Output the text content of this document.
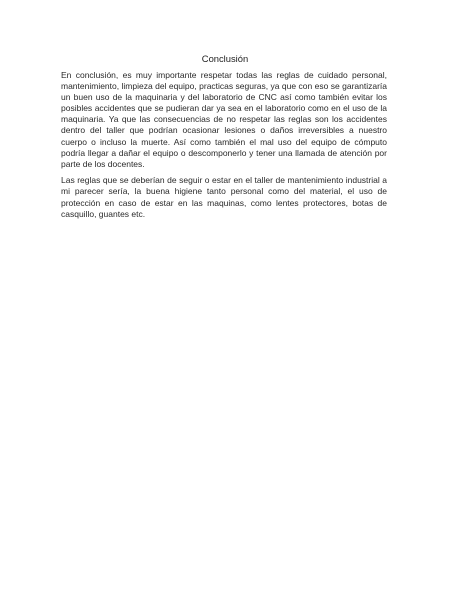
Conclusión

En conclusión, es muy importante respetar todas las reglas de cuidado personal, mantenimiento, limpieza del equipo, practicas seguras, ya que con eso se garantizaría un buen uso de la maquinaria y del laboratorio de CNC así como también evitar los posibles accidentes que se pudieran dar ya sea en el laboratorio como en el uso de la maquinaria. Ya que las consecuencias de no respetar las reglas son los accidentes dentro del taller que podrían ocasionar lesiones o daños irreversibles a nuestro cuerpo o incluso la muerte. Así como también el mal uso del equipo de cómputo podría llegar a dañar el equipo o descomponerlo y tener una llamada de atención por parte de los docentes.

Las reglas que se deberían de seguir o estar en el taller de mantenimiento industrial a mi parecer sería, la buena higiene tanto personal como del material, el uso de protección en caso de estar en las maquinas, como lentes protectores, botas de casquillo, guantes etc.
